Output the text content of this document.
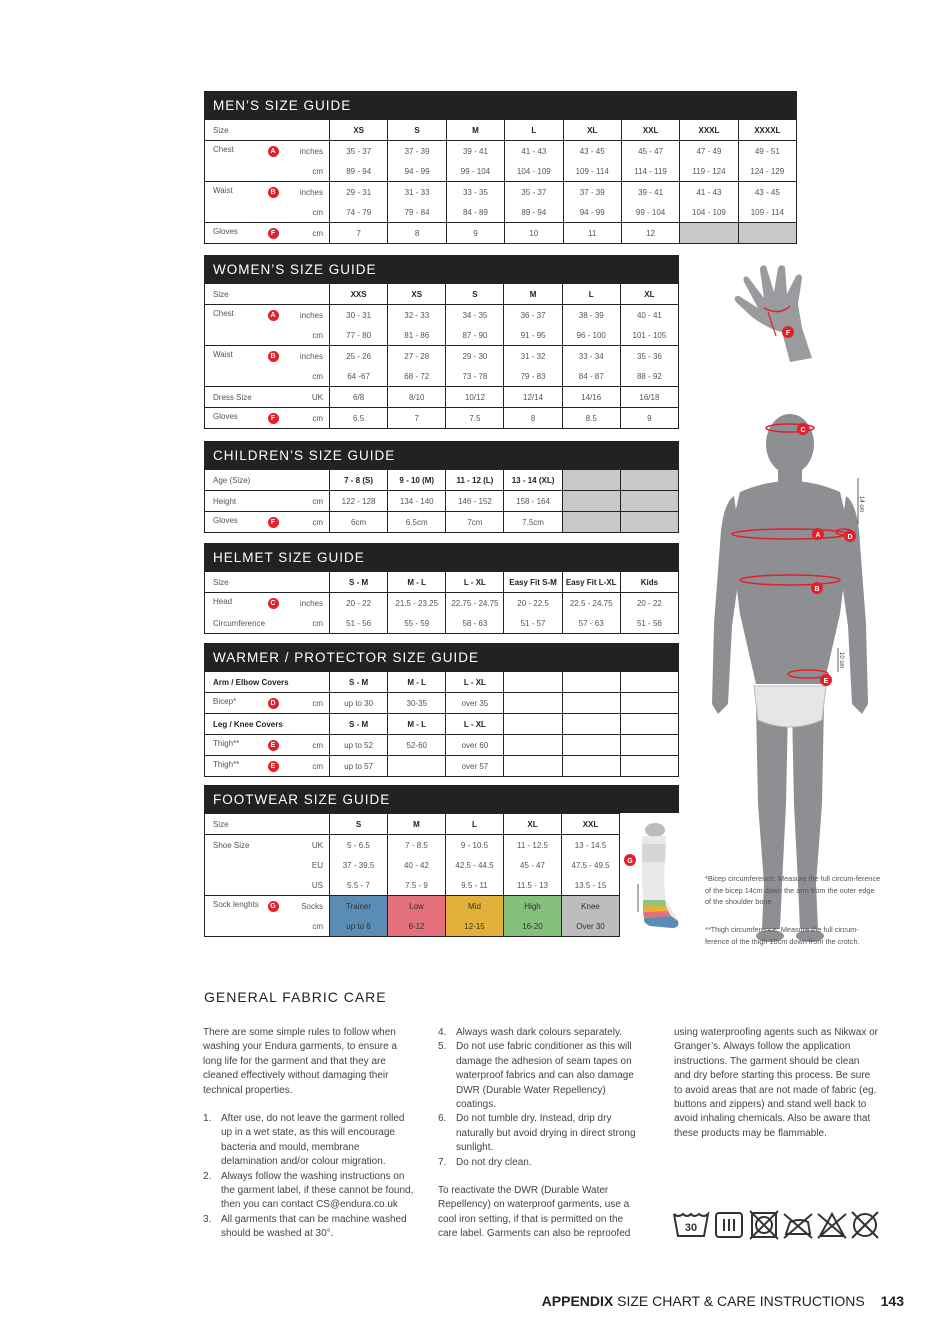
MEN’S SIZE GUIDE
Size		XS	S	M	L	XL	XXL	XXXL	XXXXL
Chest A	inches	35 - 37	37 - 39	39 - 41	41 - 43	43 - 45	45 - 47	47 - 49	49 - 51
	cm	89 - 94	94 - 99	99 - 104	104 - 109	109 - 114	114 - 119	119 - 124	124 - 129
Waist B	inches	29 - 31	31 - 33	33 - 35	35 - 37	37 - 39	39 - 41	41 - 43	43 - 45
	cm	74 - 79	79 - 84	84 - 89	89 - 94	94 - 99	99 - 104	104 - 109	109 - 114
Gloves F	cm	7	8	9	10	11	12		
WOMEN’S SIZE GUIDE
Size		XXS	XS	S	M	L	XL
Chest A	inches	30 - 31	32 - 33	34 - 35	36 - 37	38 - 39	40 - 41
	cm	77 - 80	81 - 86	87 - 90	91 - 95	96 - 100	101 - 105
Waist B	inches	25 - 26	27 - 28	29 - 30	31 - 32	33 - 34	35 - 36
	cm	64 -67	68 - 72	73 - 78	79 - 83	84 - 87	88 - 92
Dress Size	UK	6/8	8/10	10/12	12/14	14/16	16/18
Gloves F	cm	6.5	7	7.5	8	8.5	9
CHILDREN’S SIZE GUIDE
Age (Size)		7 - 8 (S)	9 - 10 (M)	11 - 12 (L)	13 - 14 (XL)		
Height	cm	122 - 128	134 - 140	146 - 152	158 - 164		
Gloves F	cm	6cm	6.5cm	7cm	7.5cm		
HELMET SIZE GUIDE
Size		S - M	M - L	L - XL	Easy Fit S-M	Easy Fit L-XL	Kids
Head C	inches	20 - 22	21.5 - 23.25	22.75 - 24.75	20 - 22.5	22.5 - 24.75	20 - 22
Circumference	cm	51 - 56	55 - 59	58 - 63	51 - 57	57 - 63	51 - 56
WARMER / PROTECTOR SIZE GUIDE
Arm / Elbow Covers		S - M	M - L	L - XL			
Bicep* D	cm	up to 30	30-35	over 35			
Leg / Knee Covers		S - M	M - L	L - XL			
Thigh** E	cm	up to 52	52-60	over 60			
Thigh** E	cm	up to 57		over 57			
FOOTWEAR SIZE GUIDE
Size		S	M	L	XL	XXL
Shoe Size	UK	5 - 6.5	7 - 8.5	9 - 10.5	11 - 12.5	13 - 14.5
	EU	37 - 39.5	40 - 42	42.5 - 44.5	45 - 47	47.5 - 49.5
	US	5.5 - 7	7.5 - 9	9.5 - 11	11.5 - 13	13.5 - 15
Sock lenghts G	Socks	Trainer	Low	Mid	High	Knee
	cm	up to 6	6-12	12-15	16-20	Over 30
G
F
14 cm
10 cm
C
A	D
B
E
*Bicep circumference: Measure the full circum-ference of the bicep 14cm down the arm from the outer edge of the shoulder bone.
**Thigh circumference: Measure the full circum-ference of the thigh 10cm down from the crotch.
GENERAL FABRIC CARE

There are some simple rules to follow when washing your Endura garments, to ensure a long life for the garment and that they are cleaned effectively without damaging their technical properties.

1. After use, do not leave the garment rolled up in a wet state, as this will encourage bacteria and mould, membrane delamination and/or colour migration.
2. Always follow the washing instructions on the garment label, if these cannot be found, then you can contact CS@endura.co.uk
3. All garments that can be machine washed should be washed at 30°.
4. Always wash dark colours separately.
5. Do not use fabric conditioner as this will damage the adhesion of seam tapes on waterproof fabrics and can also damage DWR (Durable Water Repellency) coatings.
6. Do not tumble dry. Instead, drip dry naturally but avoid drying in direct strong sunlight.
7. Do not dry clean.

To reactivate the DWR (Durable Water Repellency) on waterproof garments, use a cool iron setting, if that is permitted on the care label. Garments can also be reproofed

using waterproofing agents such as Nikwax or Granger’s. Always follow the application instructions. The garment should be clean and dry before starting this process. Be sure to avoid areas that are not made of fabric (eg. buttons and zippers) and stand well back to avoid inhaling chemicals. Also be aware that these products may be flammable.

30
APPENDIX SIZE CHART & CARE INSTRUCTIONS 143
